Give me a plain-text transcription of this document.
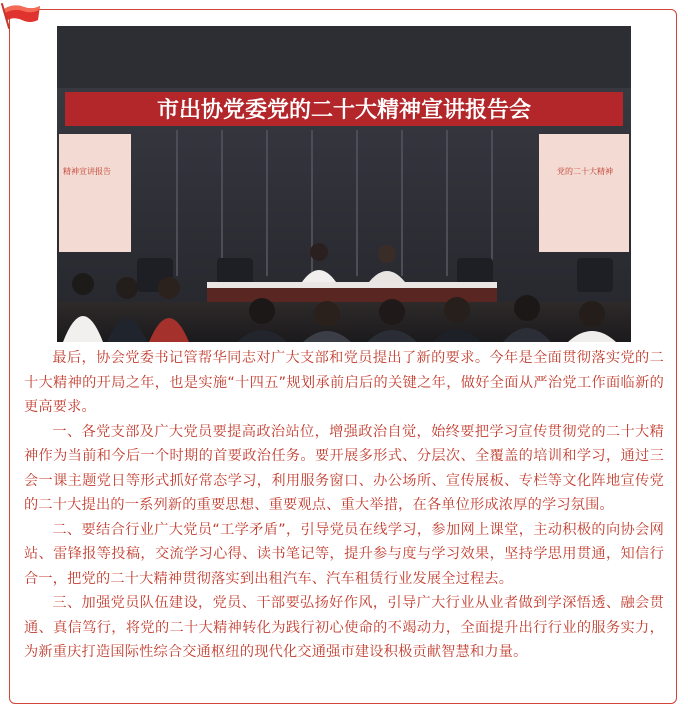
市出协党委党的二十大精神宣讲报告会
精神宣讲报告	党的二十大精神

最后，协会党委书记管帮华同志对广大支部和党员提出了新的要求。今年是全面贯彻落实党的二十大精神的开局之年，也是实施“十四五”规划承前启后的关键之年，做好全面从严治党工作面临新的更高要求。

一、各党支部及广大党员要提高政治站位，增强政治自觉，始终要把学习宣传贯彻党的二十大精神作为当前和今后一个时期的首要政治任务。要开展多形式、分层次、全覆盖的培训和学习，通过三会一课主题党日等形式抓好常态学习，利用服务窗口、办公场所、宣传展板、专栏等文化阵地宣传党的二十大提出的一系列新的重要思想、重要观点、重大举措，在各单位形成浓厚的学习氛围。

二、要结合行业广大党员“工学矛盾”，引导党员在线学习，参加网上课堂，主动积极的向协会网站、雷锋报等投稿，交流学习心得、读书笔记等，提升参与度与学习效果，坚持学思用贯通，知信行合一，把党的二十大精神贯彻落实到出租汽车、汽车租赁行业发展全过程去。

三、加强党员队伍建设，党员、干部要弘扬好作风，引导广大行业从业者做到学深悟透、融会贯通、真信笃行，将党的二十大精神转化为践行初心使命的不竭动力，全面提升出行行业的服务实力，为新重庆打造国际性综合交通枢纽的现代化交通强市建设积极贡献智慧和力量。
